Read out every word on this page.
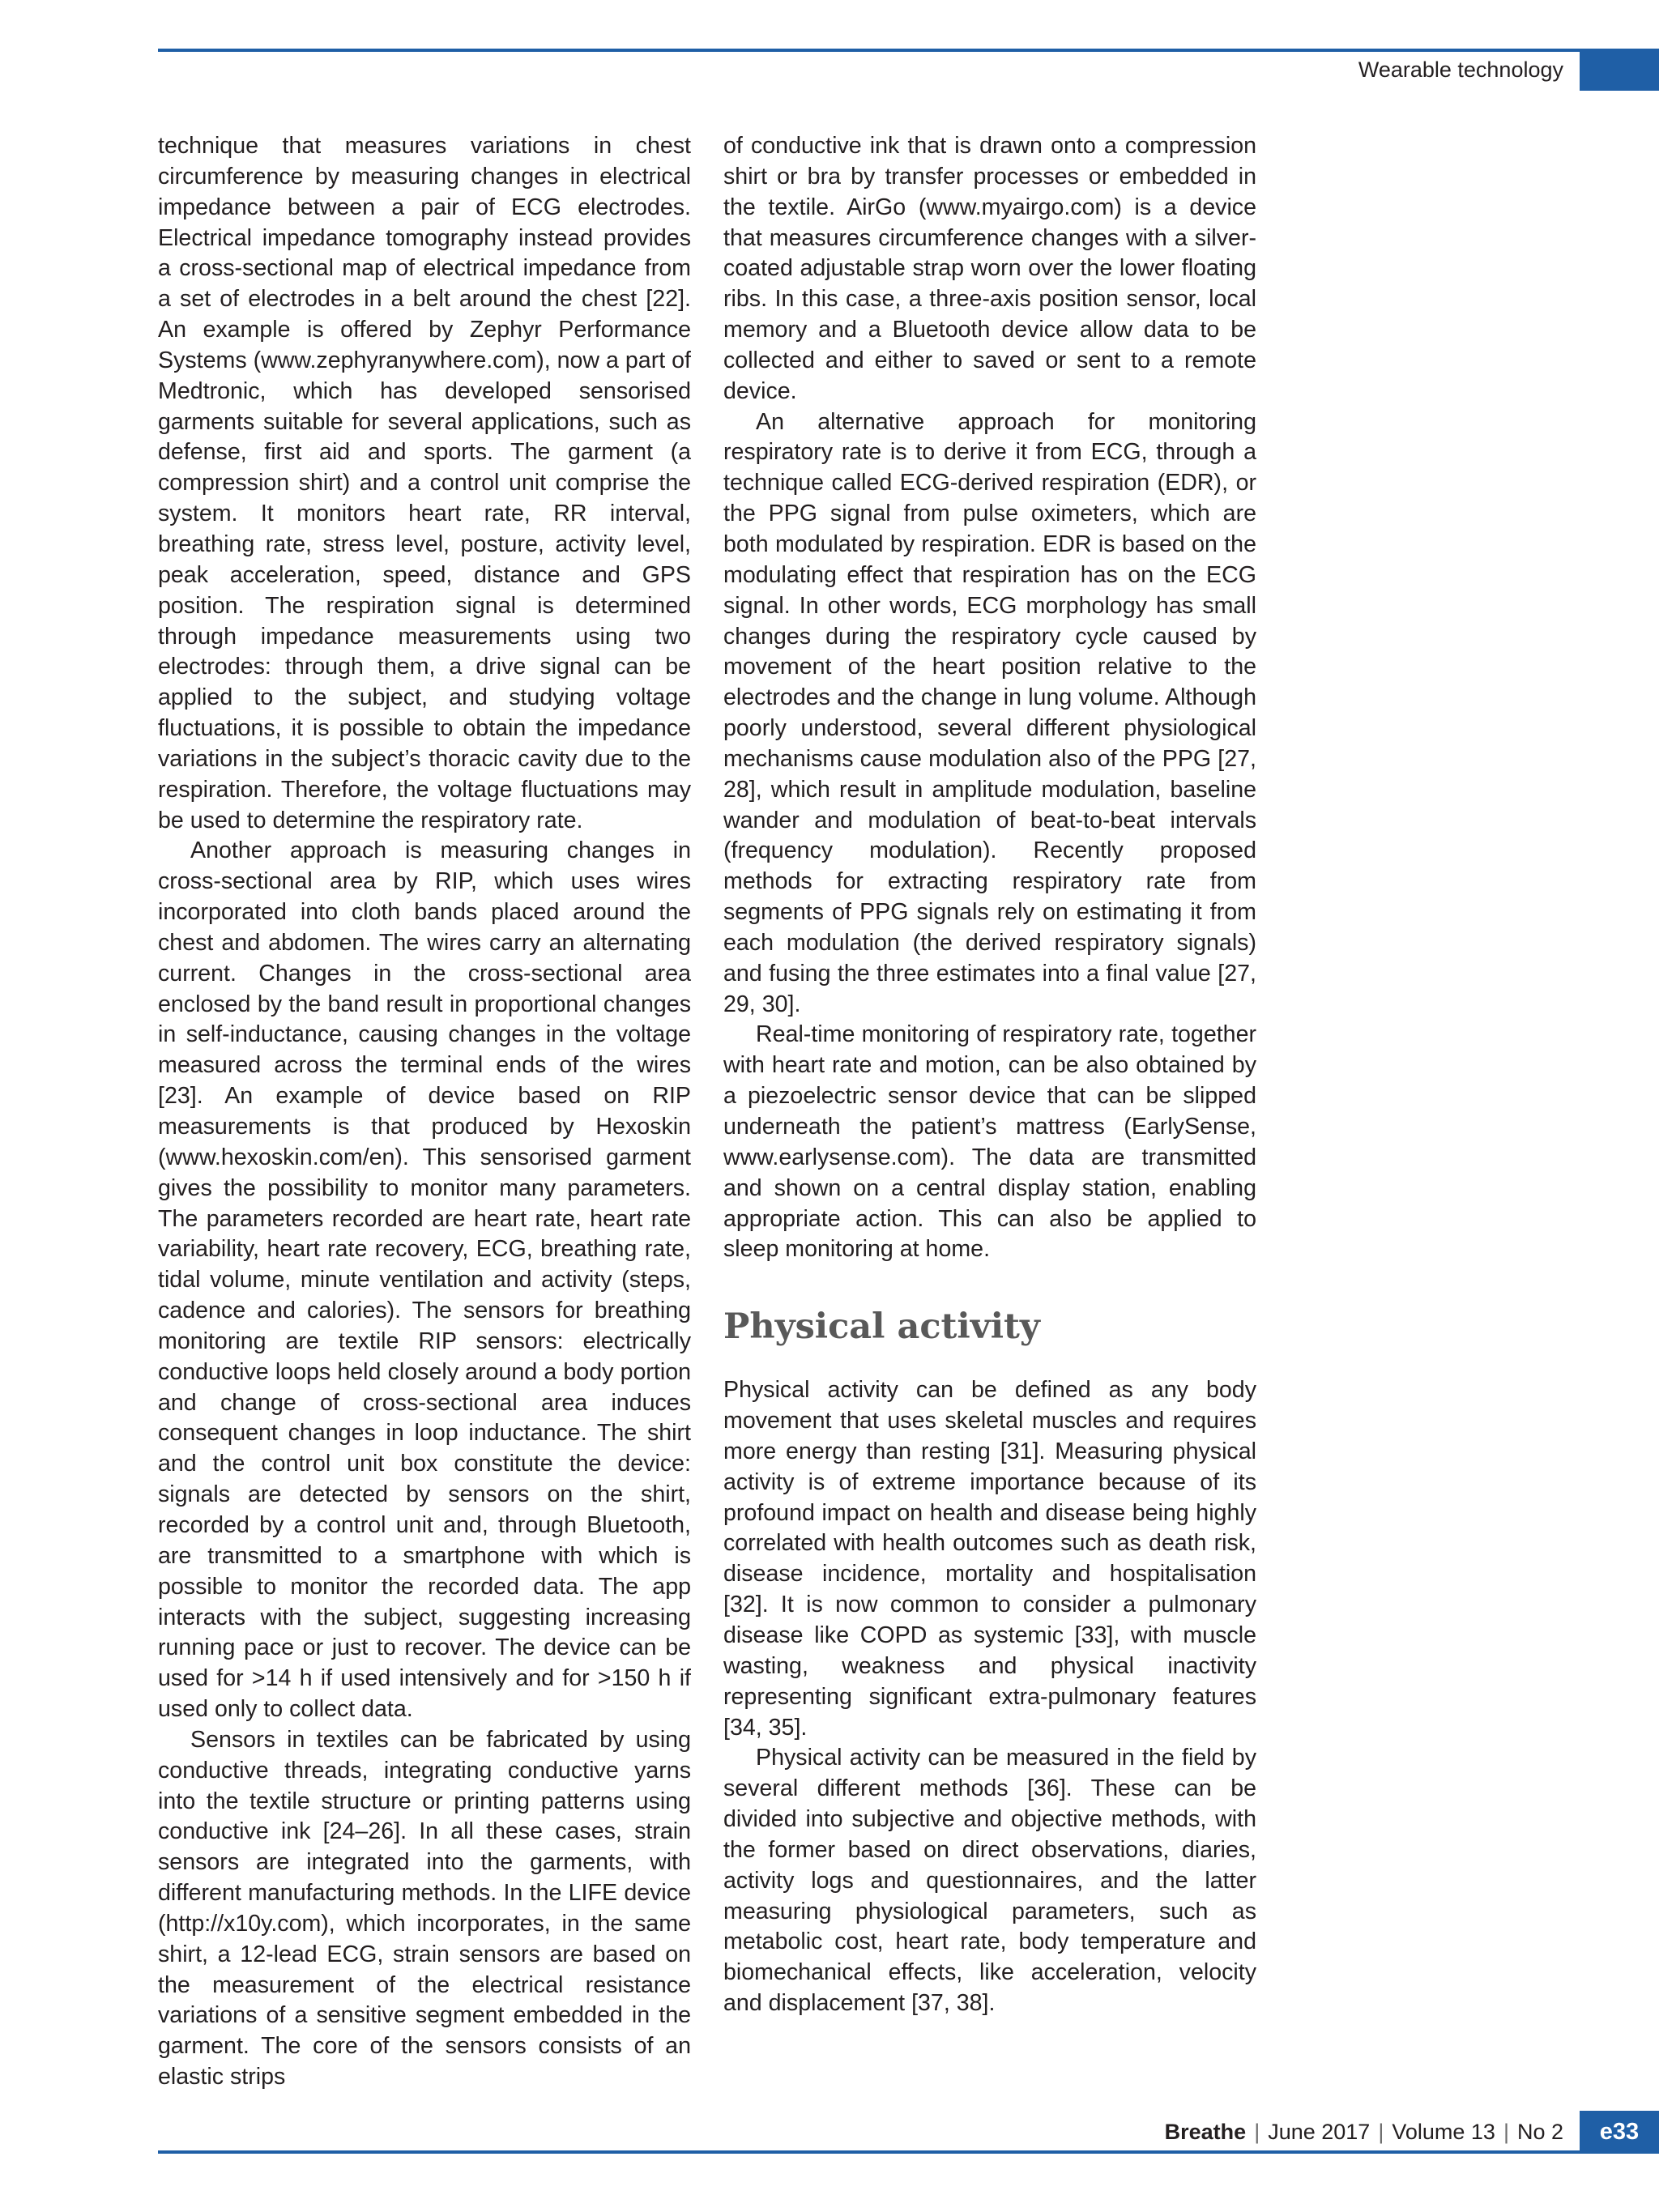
Wearable technology

technique that measures variations in chest circumference by measuring changes in electrical impedance between a pair of ECG electrodes. Electrical impedance tomography instead provides a cross-sectional map of electrical impedance from a set of electrodes in a belt around the chest [22]. An example is offered by Zephyr Performance Systems (www.zephyranywhere.com), now a part of Medtronic, which has developed sensorised garments suitable for several applications, such as defense, first aid and sports. The garment (a compression shirt) and a control unit comprise the system. It monitors heart rate, RR interval, breathing rate, stress level, posture, activity level, peak acceleration, speed, distance and GPS position. The respiration signal is determined through impedance measurements using two electrodes: through them, a drive signal can be applied to the subject, and studying voltage fluctuations, it is possible to obtain the impedance variations in the subject’s thoracic cavity due to the respiration. Therefore, the voltage fluctuations may be used to determine the respiratory rate.

Another approach is measuring changes in cross-sectional area by RIP, which uses wires incorporated into cloth bands placed around the chest and abdomen. The wires carry an alternating current. Changes in the cross-sectional area enclosed by the band result in proportional changes in self-inductance, causing changes in the voltage measured across the terminal ends of the wires [23]. An example of device based on RIP measurements is that produced by Hexoskin (www.hexoskin.com/en). This sensorised garment gives the possibility to monitor many parameters. The parameters recorded are heart rate, heart rate variability, heart rate recovery, ECG, breathing rate, tidal volume, minute ventilation and activity (steps, cadence and calories). The sensors for breathing monitoring are textile RIP sensors: electrically conductive loops held closely around a body portion and change of cross-sectional area induces consequent changes in loop inductance. The shirt and the control unit box constitute the device: signals are detected by sensors on the shirt, recorded by a control unit and, through Bluetooth, are transmitted to a smartphone with which is possible to monitor the recorded data. The app interacts with the subject, suggesting increasing running pace or just to recover. The device can be used for >14 h if used intensively and for >150 h if used only to collect data.

Sensors in textiles can be fabricated by using conductive threads, integrating conductive yarns into the textile structure or printing patterns using conductive ink [24–26]. In all these cases, strain sensors are integrated into the garments, with different manufacturing methods. In the LIFE device (http://x10y.com), which incorporates, in the same shirt, a 12-lead ECG, strain sensors are based on the measurement of the electrical resistance variations of a sensitive segment embedded in the garment. The core of the sensors consists of an elastic strips

of conductive ink that is drawn onto a compression shirt or bra by transfer processes or embedded in the textile. AirGo (www.myairgo.com) is a device that measures circumference changes with a silver-coated adjustable strap worn over the lower floating ribs. In this case, a three-axis position sensor, local memory and a Bluetooth device allow data to be collected and either to saved or sent to a remote device.

An alternative approach for monitoring respiratory rate is to derive it from ECG, through a technique called ECG-derived respiration (EDR), or the PPG signal from pulse oximeters, which are both modulated by respiration. EDR is based on the modulating effect that respiration has on the ECG signal. In other words, ECG morphology has small changes during the respiratory cycle caused by movement of the heart position relative to the electrodes and the change in lung volume. Although poorly understood, several different physiological mechanisms cause modulation also of the PPG [27, 28], which result in amplitude modulation, baseline wander and modulation of beat-to-beat intervals (frequency modulation). Recently proposed methods for extracting respiratory rate from segments of PPG signals rely on estimating it from each modulation (the derived respiratory signals) and fusing the three estimates into a final value [27, 29, 30].

Real-time monitoring of respiratory rate, together with heart rate and motion, can be also obtained by a piezoelectric sensor device that can be slipped underneath the patient’s mattress (EarlySense, www.earlysense.com). The data are transmitted and shown on a central display station, enabling appropriate action. This can also be applied to sleep monitoring at home.

Physical activity

Physical activity can be defined as any body movement that uses skeletal muscles and requires more energy than resting [31]. Measuring physical activity is of extreme importance because of its profound impact on health and disease being highly correlated with health outcomes such as death risk, disease incidence, mortality and hospitalisation [32]. It is now common to consider a pulmonary disease like COPD as systemic [33], with muscle wasting, weakness and physical inactivity representing significant extra-pulmonary features [34, 35].

Physical activity can be measured in the field by several different methods [36]. These can be divided into subjective and objective methods, with the former based on direct observations, diaries, activity logs and questionnaires, and the latter measuring physiological parameters, such as metabolic cost, heart rate, body temperature and biomechanical effects, like acceleration, velocity and displacement [37, 38].

Breathe | June 2017 | Volume 13 | No 2	e33
